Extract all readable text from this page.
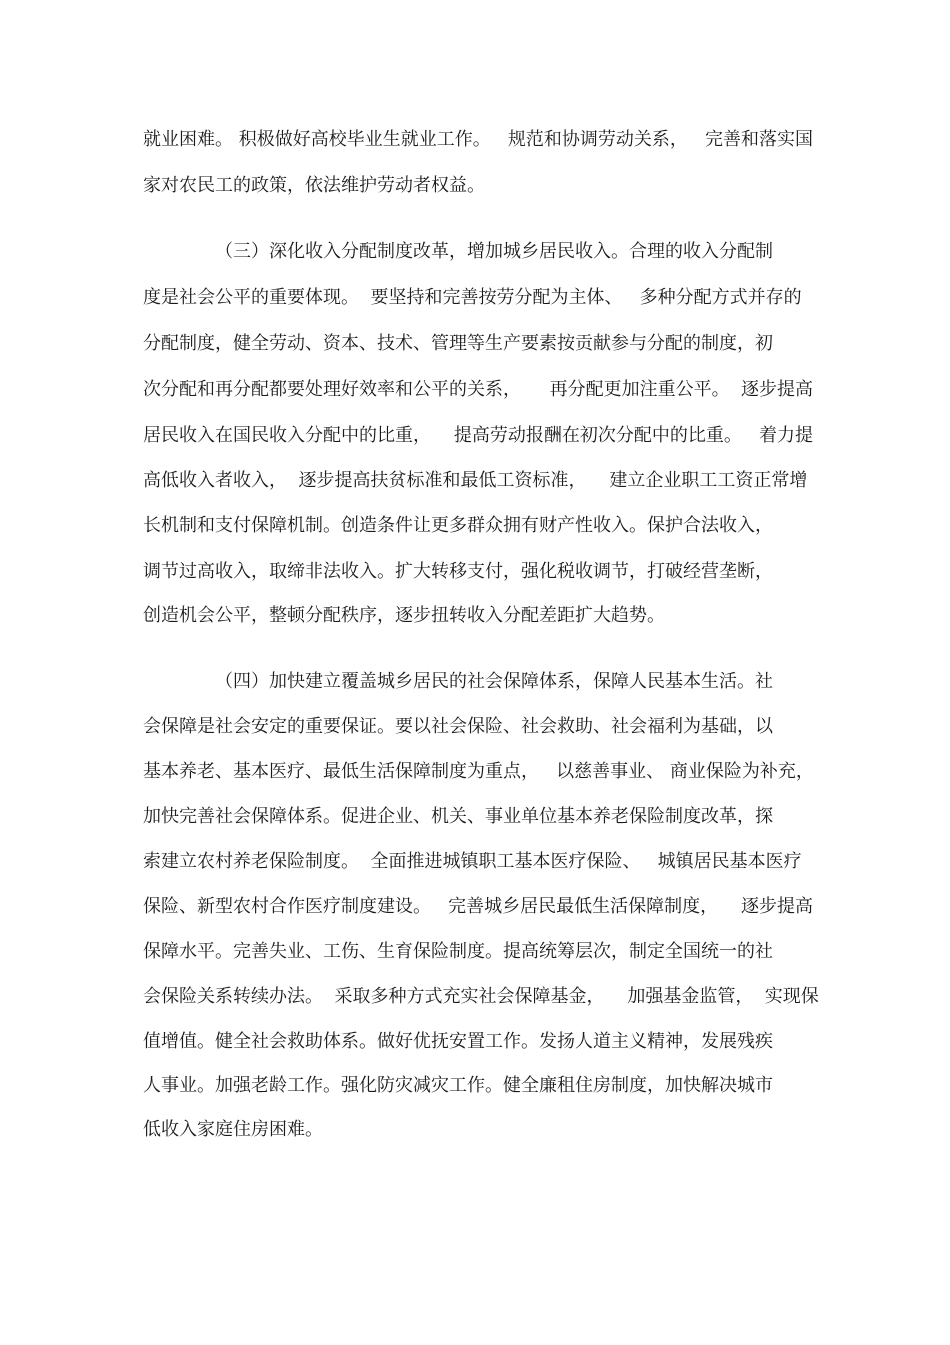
就业困难。 积极做好高校毕业生就业工作。   规范和协调劳动关系，   完善和落实国
家对农民工的政策，依法维护劳动者权益。
（三）深化收入分配制度改革，增加城乡居民收入。合理的收入分配制
度是社会公平的重要体现。  要坚持和完善按劳分配为主体、   多种分配方式并存的
分配制度，健全劳动、资本、技术、管理等生产要素按贡献参与分配的制度，初
次分配和再分配都要处理好效率和公平的关系，     再分配更加注重公平。  逐步提高
居民收入在国民收入分配中的比重，    提高劳动报酬在初次分配中的比重。   着力提
高低收入者收入，  逐步提高扶贫标准和最低工资标准，    建立企业职工工资正常增
长机制和支付保障机制。创造条件让更多群众拥有财产性收入。保护合法收入，
调节过高收入，取缔非法收入。扩大转移支付，强化税收调节，打破经营垄断，
创造机会公平，整顿分配秩序，逐步扭转收入分配差距扩大趋势。
（四）加快建立覆盖城乡居民的社会保障体系，保障人民基本生活。社
会保障是社会安定的重要保证。要以社会保险、社会救助、社会福利为基础，以
基本养老、基本医疗、最低生活保障制度为重点，   以慈善事业、 商业保险为补充，
加快完善社会保障体系。促进企业、机关、事业单位基本养老保险制度改革，探
索建立农村养老保险制度。  全面推进城镇职工基本医疗保险、   城镇居民基本医疗
保险、新型农村合作医疗制度建设。   完善城乡居民最低生活保障制度，    逐步提高
保障水平。完善失业、工伤、生育保险制度。提高统筹层次，制定全国统一的社
会保险关系转续办法。  采取多种方式充实社会保障基金，    加强基金监管，  实现保
值增值。健全社会救助体系。做好优抚安置工作。发扬人道主义精神，发展残疾
人事业。加强老龄工作。强化防灾减灾工作。健全廉租住房制度，加快解决城市
低收入家庭住房困难。
